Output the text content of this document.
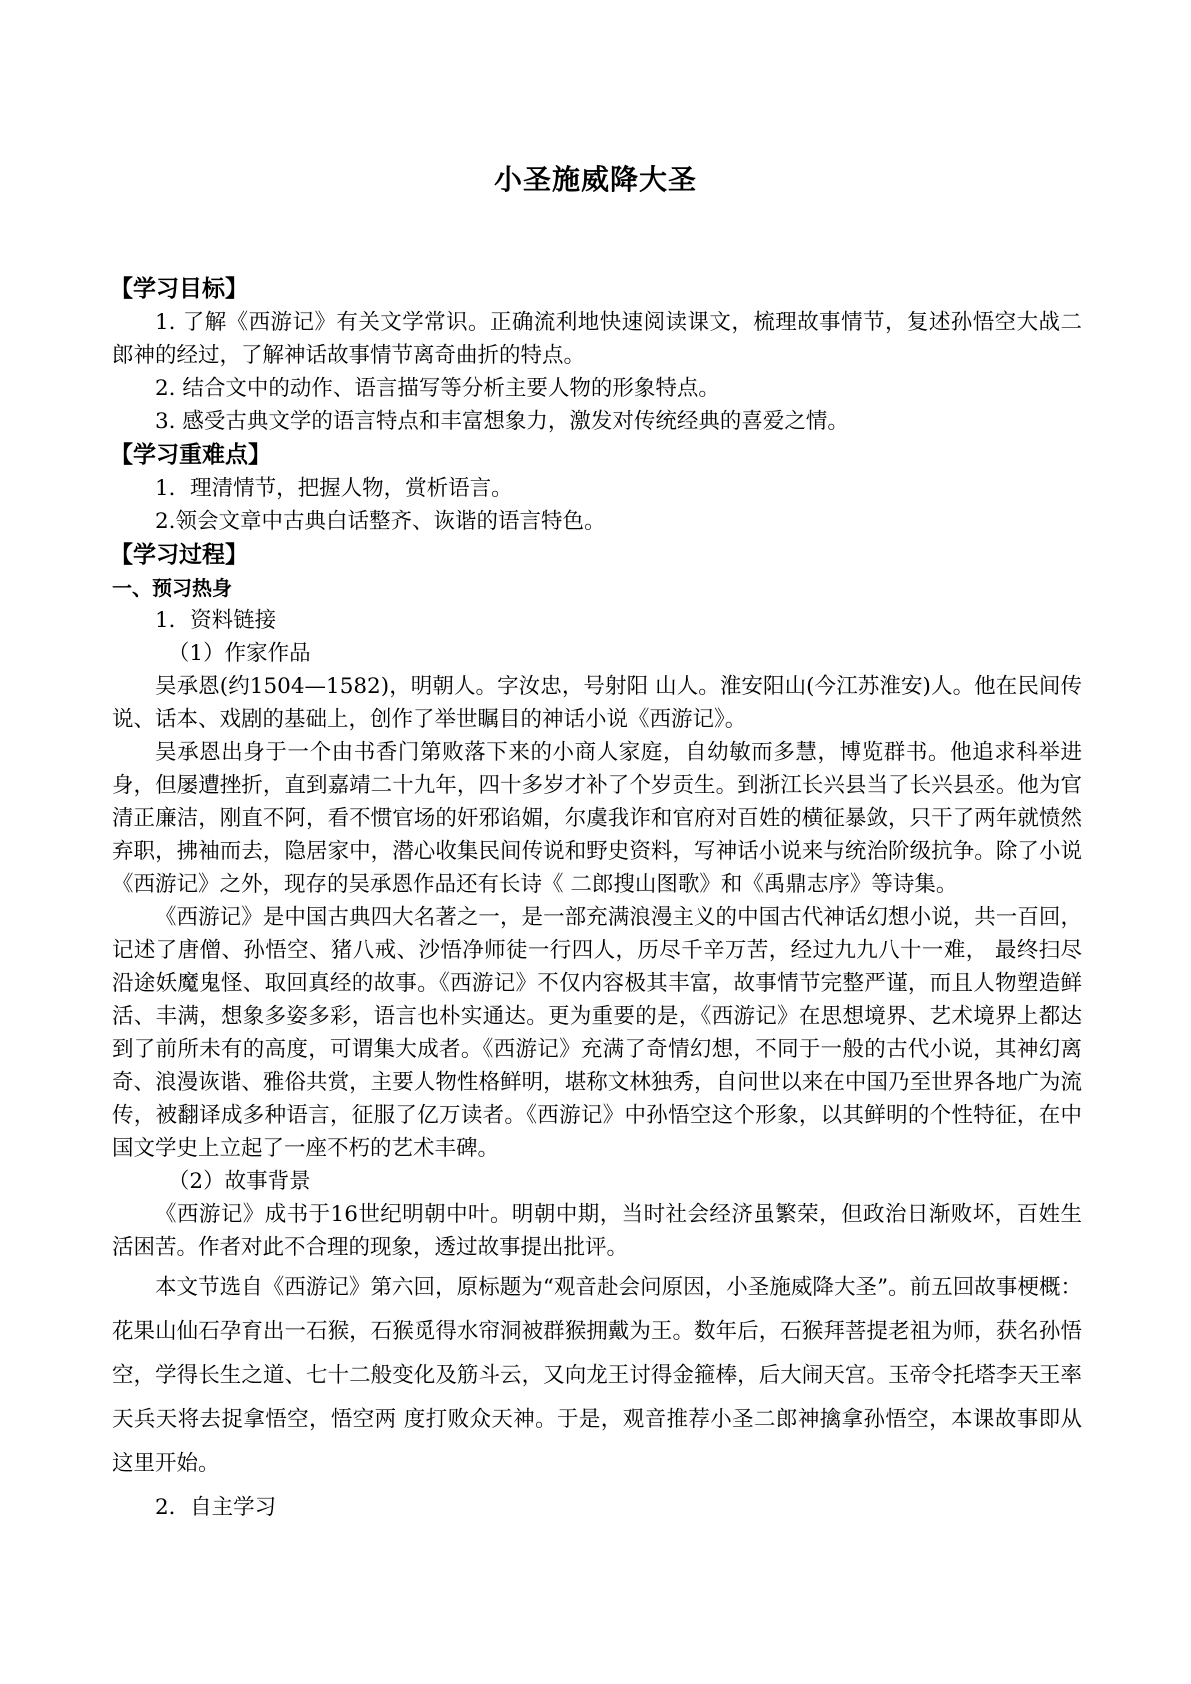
小圣施威降大圣
【学习目标】
1. 了解《西游记》有关文学常识。正确流利地快速阅读课文，梳理故事情节，复述孙悟空大战二郎神的经过，了解神话故事情节离奇曲折的特点。
2. 结合文中的动作、语言描写等分析主要人物的形象特点。
3. 感受古典文学的语言特点和丰富想象力，激发对传统经典的喜爱之情。
【学习重难点】
1．理清情节，把握人物，赏析语言。
2.领会文章中古典白话整齐、诙谐的语言特色。
【学习过程】
一、预习热身
1．资料链接
（1）作家作品
吴承恩(约1504—1582)，明朝人。字汝忠，号射阳 山人。淮安阳山(今江苏淮安)人。他在民间传说、话本、戏剧的基础上，创作了举世瞩目的神话小说《西游记》。
吴承恩出身于一个由书香门第败落下来的小商人家庭，自幼敏而多慧，博览群书。他追求科举进身，但屡遭挫折，直到嘉靖二十九年，四十多岁才补了个岁贡生。到浙江长兴县当了长兴县丞。他为官清正廉洁，刚直不阿，看不惯官场的奸邪谄媚，尔虞我诈和官府对百姓的横征暴敛，只干了两年就愤然弃职，拂袖而去，隐居家中，潜心收集民间传说和野史资料，写神话小说来与统治阶级抗争。除了小说《西游记》之外，现存的吴承恩作品还有长诗《 二郎搜山图歌》和《禹鼎志序》等诗集。
《西游记》是中国古典四大名著之一，是一部充满浪漫主义的中国古代神话幻想小说，共一百回，记述了唐僧、孙悟空、猪八戒、沙悟净师徒一行四人，历尽千辛万苦，经过九九八十一难， 最终扫尽沿途妖魔鬼怪、取回真经的故事。《西游记》不仅内容极其丰富，故事情节完整严谨，而且人物塑造鲜活、丰满，想象多姿多彩，语言也朴实通达。更为重要的是，《西游记》在思想境界、艺术境界上都达到了前所未有的高度，可谓集大成者。《西游记》充满了奇情幻想，不同于一般的古代小说，其神幻离奇、浪漫诙谐、雅俗共赏，主要人物性格鲜明，堪称文林独秀，自问世以来在中国乃至世界各地广为流传，被翻译成多种语言，征服了亿万读者。《西游记》中孙悟空这个形象，以其鲜明的个性特征，在中国文学史上立起了一座不朽的艺术丰碑。
（2）故事背景
《西游记》成书于16世纪明朝中叶。明朝中期，当时社会经济虽繁荣，但政治日渐败坏，百姓生活困苦。作者对此不合理的现象，透过故事提出批评。
本文节选自《西游记》第六回，原标题为“观音赴会问原因，小圣施威降大圣”。前五回故事梗概：花果山仙石孕育出一石猴，石猴觅得水帘洞被群猴拥戴为王。数年后，石猴拜菩提老祖为师，获名孙悟空，学得长生之道、七十二般变化及筋斗云，又向龙王讨得金箍棒，后大闹天宫。玉帝令托塔李天王率天兵天将去捉拿悟空，悟空两 度打败众天神。于是，观音推荐小圣二郎神擒拿孙悟空，本课故事即从这里开始。
2．自主学习
